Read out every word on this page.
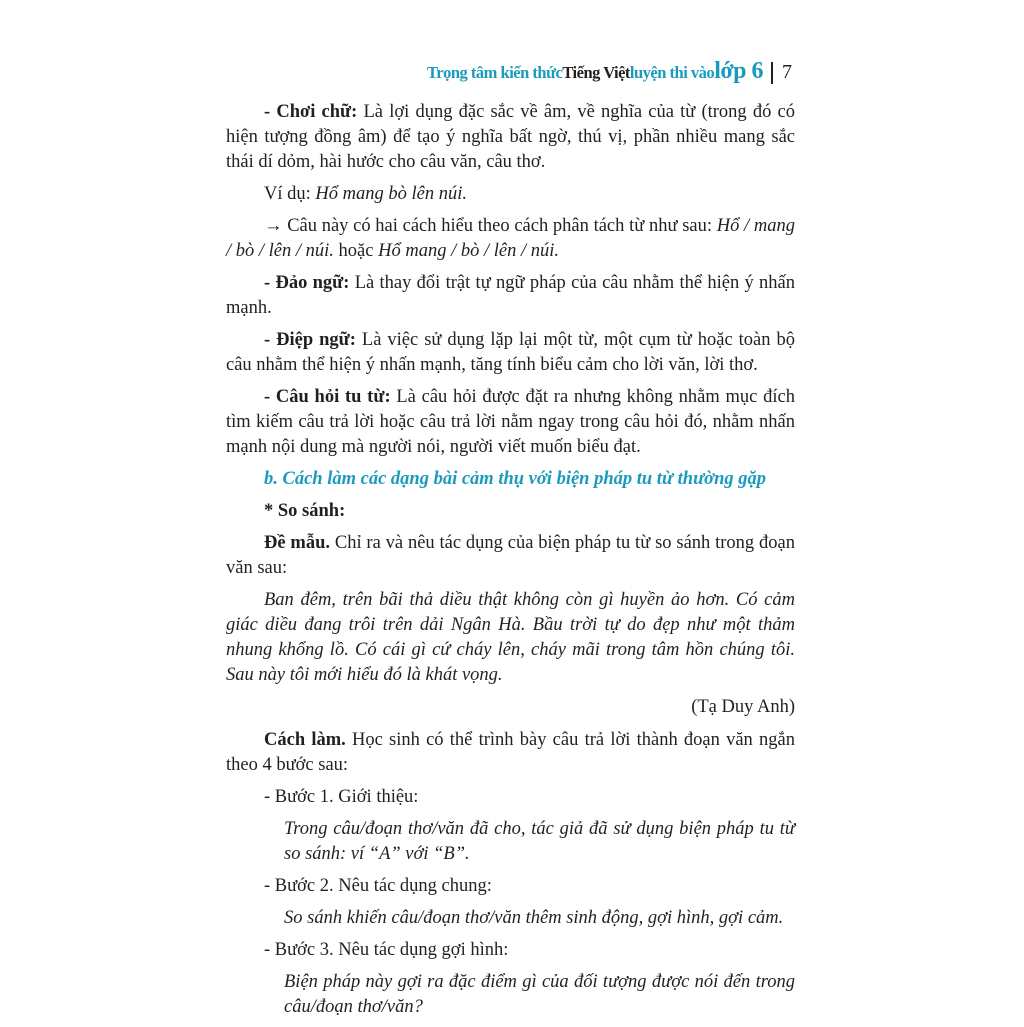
Trọng tâm kiến thức Tiếng Việt luyện thi vào lớp 6 7

- Chơi chữ: Là lợi dụng đặc sắc về âm, về nghĩa của từ (trong đó có hiện tượng đồng âm) để tạo ý nghĩa bất ngờ, thú vị, phần nhiều mang sắc thái dí dỏm, hài hước cho câu văn, câu thơ.

Ví dụ: Hổ mang bò lên núi.

→ Câu này có hai cách hiểu theo cách phân tách từ như sau: Hổ / mang / bò / lên / núi. hoặc Hổ mang / bò / lên / núi.

- Đảo ngữ: Là thay đổi trật tự ngữ pháp của câu nhằm thể hiện ý nhấn mạnh.

- Điệp ngữ: Là việc sử dụng lặp lại một từ, một cụm từ hoặc toàn bộ câu nhằm thể hiện ý nhấn mạnh, tăng tính biểu cảm cho lời văn, lời thơ.

- Câu hỏi tu từ: Là câu hỏi được đặt ra nhưng không nhằm mục đích tìm kiếm câu trả lời hoặc câu trả lời nằm ngay trong câu hỏi đó, nhằm nhấn mạnh nội dung mà người nói, người viết muốn biểu đạt.

b. Cách làm các dạng bài cảm thụ với biện pháp tu từ thường gặp

* So sánh:

Đề mẫu. Chỉ ra và nêu tác dụng của biện pháp tu từ so sánh trong đoạn văn sau:

Ban đêm, trên bãi thả diều thật không còn gì huyền ảo hơn. Có cảm giác diều đang trôi trên dải Ngân Hà. Bầu trời tự do đẹp như một thảm nhung khổng lồ. Có cái gì cứ cháy lên, cháy mãi trong tâm hồn chúng tôi. Sau này tôi mới hiểu đó là khát vọng.

(Tạ Duy Anh)

Cách làm. Học sinh có thể trình bày câu trả lời thành đoạn văn ngắn theo 4 bước sau:

- Bước 1. Giới thiệu:

Trong câu/đoạn thơ/văn đã cho, tác giả đã sử dụng biện pháp tu từ so sánh: ví “A” với “B”.

- Bước 2. Nêu tác dụng chung:

So sánh khiến câu/đoạn thơ/văn thêm sinh động, gợi hình, gợi cảm.

- Bước 3. Nêu tác dụng gợi hình:

Biện pháp này gợi ra đặc điểm gì của đối tượng được nói đến trong câu/đoạn thơ/văn?
